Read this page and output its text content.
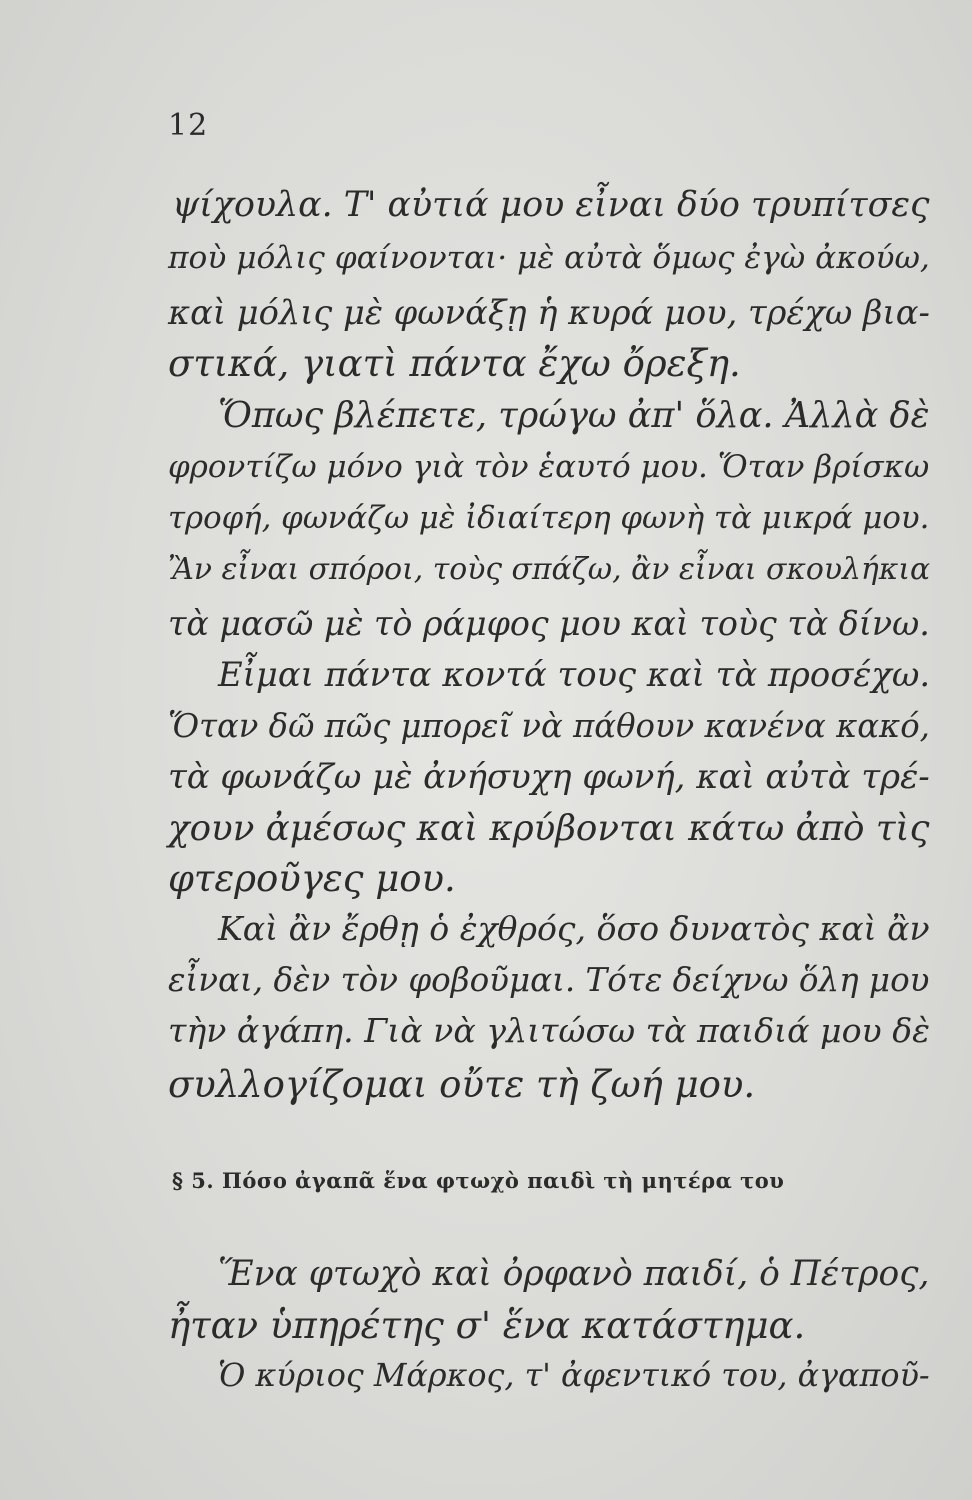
12
ψίχουλα. Τ' αὐτιά μου εἶναι δύο τρυπίτσες
ποὺ μόλις φαίνονται· μὲ αὐτὰ ὅμως ἐγὼ ἀκούω,
καὶ μόλις μὲ φωνάξῃ ἡ κυρά μου, τρέχω βια-
στικά, γιατὶ πάντα ἔχω ὄρεξη.
Ὅπως βλέπετε, τρώγω ἀπ' ὅλα. Ἀλλὰ δὲ
φροντίζω μόνο γιὰ τὸν ἑαυτό μου. Ὅταν βρίσκω
τροφή, φωνάζω μὲ ἰδιαίτερη φωνὴ τὰ μικρά μου.
Ἂν εἶναι σπόροι, τοὺς σπάζω, ἂν εἶναι σκουλήκια
τὰ μασῶ μὲ τὸ ράμφος μου καὶ τοὺς τὰ δίνω.
Εἶμαι πάντα κοντά τους καὶ τὰ προσέχω.
Ὅταν δῶ πῶς μπορεῖ νὰ πάθουν κανένα κακό,
τὰ φωνάζω μὲ ἀνήσυχη φωνή, καὶ αὐτὰ τρέ-
χουν ἀμέσως καὶ κρύβονται κάτω ἀπὸ τὶς
φτεροῦγες μου.
Καὶ ἂν ἔρθῃ ὁ ἐχθρός, ὅσο δυνατὸς καὶ ἂν
εἶναι, δὲν τὸν φοβοῦμαι. Τότε δείχνω ὅλη μου
τὴν ἀγάπη. Γιὰ νὰ γλιτώσω τὰ παιδιά μου δὲ
συλλογίζομαι οὔτε τὴ ζωή μου.
§ 5. Πόσο ἀγαπᾶ ἕνα φτωχὸ παιδὶ τὴ μητέρα του
Ἕνα φτωχὸ καὶ ὀρφανὸ παιδί, ὁ Πέτρος,
ἦταν ὑπηρέτης σ' ἕνα κατάστημα.
Ὁ κύριος Μάρκος, τ' ἀφεντικό του, ἀγαποῦ-
